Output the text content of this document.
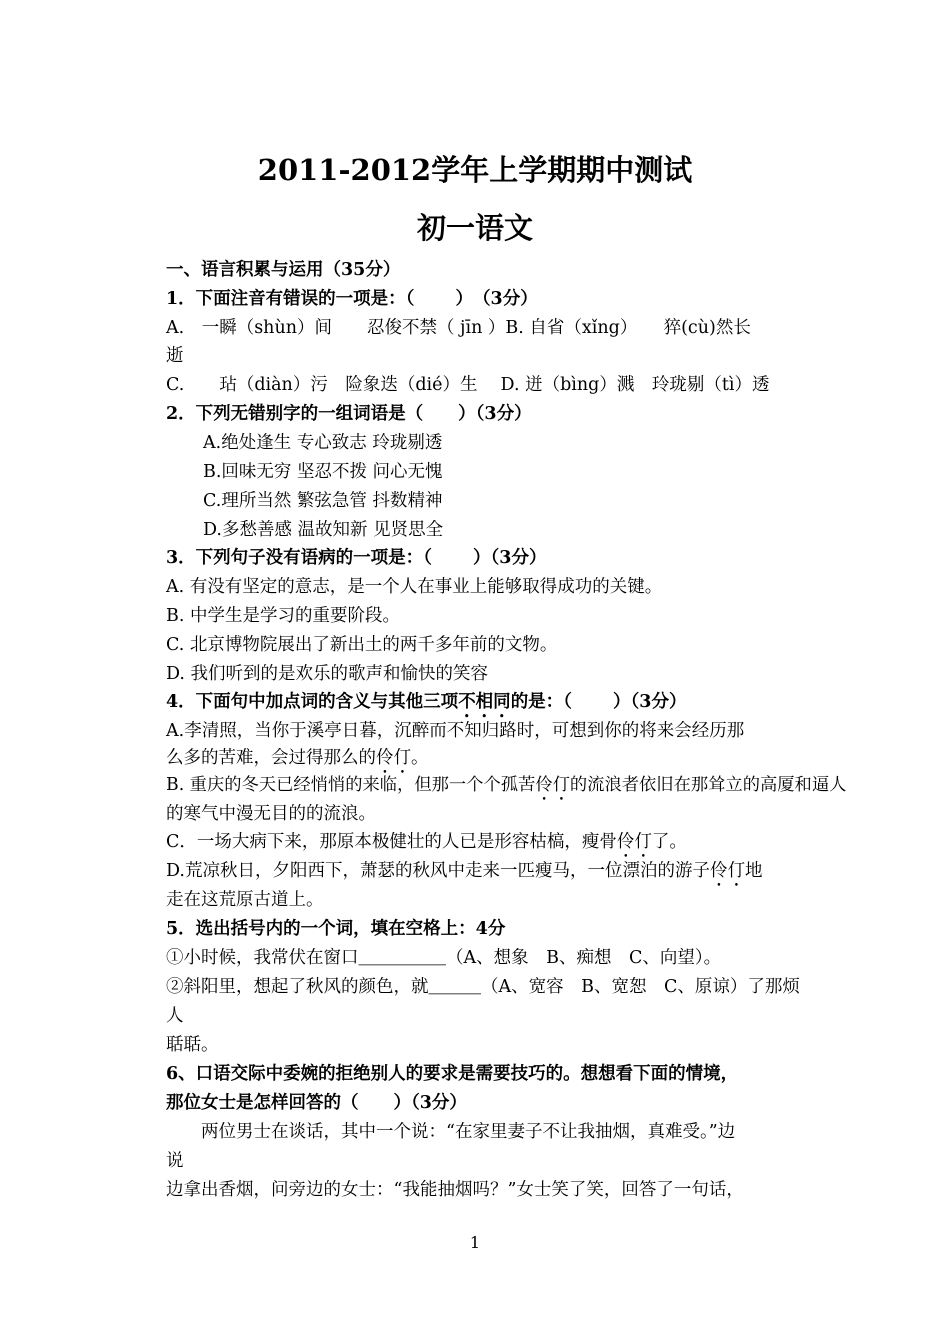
2011-2012学年上学期期中测试
初一语文
一、语言积累与运用（35分）
1．下面注音有错误的一项是：（　　 ）　（3分）
A.　一瞬（shùn）间　　忍俊不禁（ jīn ）B. 自省（xǐng）　　猝(cù)然长
逝
C.　　玷（diàn）污　险象迭（dié）生　 D. 迸（bìng）溅　玲珑剔（tì）透
2．下列无错别字的一组词语是（　　）（3分）
A.绝处逢生 专心致志 玲珑剔透
B.回味无穷 坚忍不拨 问心无愧
C.理所当然 繁弦急管 抖数精神
D.多愁善感 温故知新 见贤思全
3．下列句子没有语病的一项是：（　　 ）（3分）
A. 有没有坚定的意志，是一个人在事业上能够取得成功的关键。
B. 中学生是学习的重要阶段。
C. 北京博物院展出了新出土的两千多年前的文物。
D. 我们听到的是欢乐的歌声和愉快的笑容
4．下面句中加点词的含义与其他三项不相同的是：（　　 ）（3分）
A.李清照，当你于溪亭日暮，沉醉而不知归路时，可想到你的将来会经历那
么多的苦难，会过得那么的伶仃。
B. 重庆的冬天已经悄悄的来临，但那一个个孤苦伶仃的流浪者依旧在那耸立的高厦和逼人
的寒气中漫无目的的流浪。
C．一场大病下来，那原本极健壮的人已是形容枯槁，瘦骨伶仃了。
D.荒凉秋日，夕阳西下，萧瑟的秋风中走来一匹瘦马，一位漂泊的游子伶仃地
走在这荒原古道上。
5．选出括号内的一个词，填在空格上：4分
①小时候，我常伏在窗口＿＿＿＿＿（A、想象　B、痴想　C、向望）。
②斜阳里，想起了秋风的颜色，就＿＿＿（A、宽容　B、宽恕　C、原谅）了那烦
人
聒聒。
6、口语交际中委婉的拒绝别人的要求是需要技巧的。想想看下面的情境，
那位女士是怎样回答的（　　）（3分）
　　两位男士在谈话，其中一个说：“在家里妻子不让我抽烟，真难受。”边
说
边拿出香烟，问旁边的女士：“我能抽烟吗？”女士笑了笑，回答了一句话，
1
